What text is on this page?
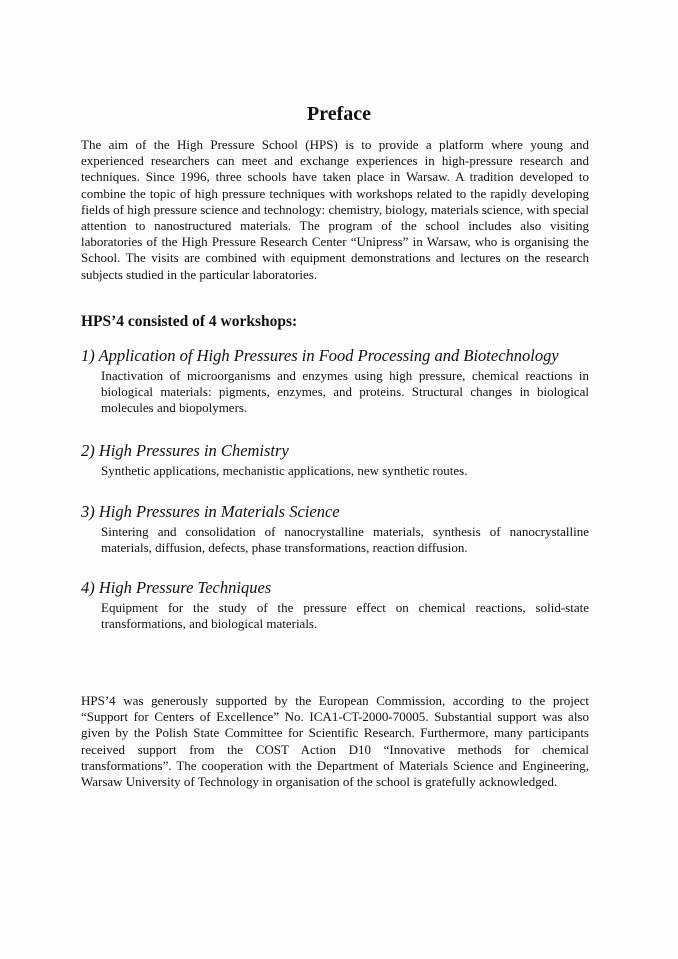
Preface

The aim of the High Pressure School (HPS) is to provide a platform where young and experienced researchers can meet and exchange experiences in high-pressure research and techniques. Since 1996, three schools have taken place in Warsaw. A tradition developed to combine the topic of high pressure techniques with workshops related to the rapidly developing fields of high pressure science and technology: chemistry, biology, materials science, with special attention to nanostructured materials. The program of the school includes also visiting laboratories of the High Pressure Research Center “Unipress” in Warsaw, who is organising the School. The visits are combined with equipment demonstrations and lectures on the research subjects studied in the particular laboratories.

HPS’4 consisted of 4 workshops:

1) Application of High Pressures in Food Processing and Biotechnology

Inactivation of microorganisms and enzymes using high pressure, chemical reactions in biological materials: pigments, enzymes, and proteins. Structural changes in biological molecules and biopolymers.

2) High Pressures in Chemistry

Synthetic applications, mechanistic applications, new synthetic routes.

3) High Pressures in Materials Science

Sintering and consolidation of nanocrystalline materials, synthesis of nanocrystalline materials, diffusion, defects, phase transformations, reaction diffusion.

4) High Pressure Techniques

Equipment for the study of the pressure effect on chemical reactions, solid-state transformations, and biological materials.

HPS’4 was generously supported by the European Commission, according to the project “Support for Centers of Excellence” No. ICA1-CT-2000-70005. Substantial support was also given by the Polish State Committee for Scientific Research. Furthermore, many participants received support from the COST Action D10 “Innovative methods for chemical transformations”. The cooperation with the Department of Materials Science and Engineering, Warsaw University of Technology in organisation of the school is gratefully acknowledged.
